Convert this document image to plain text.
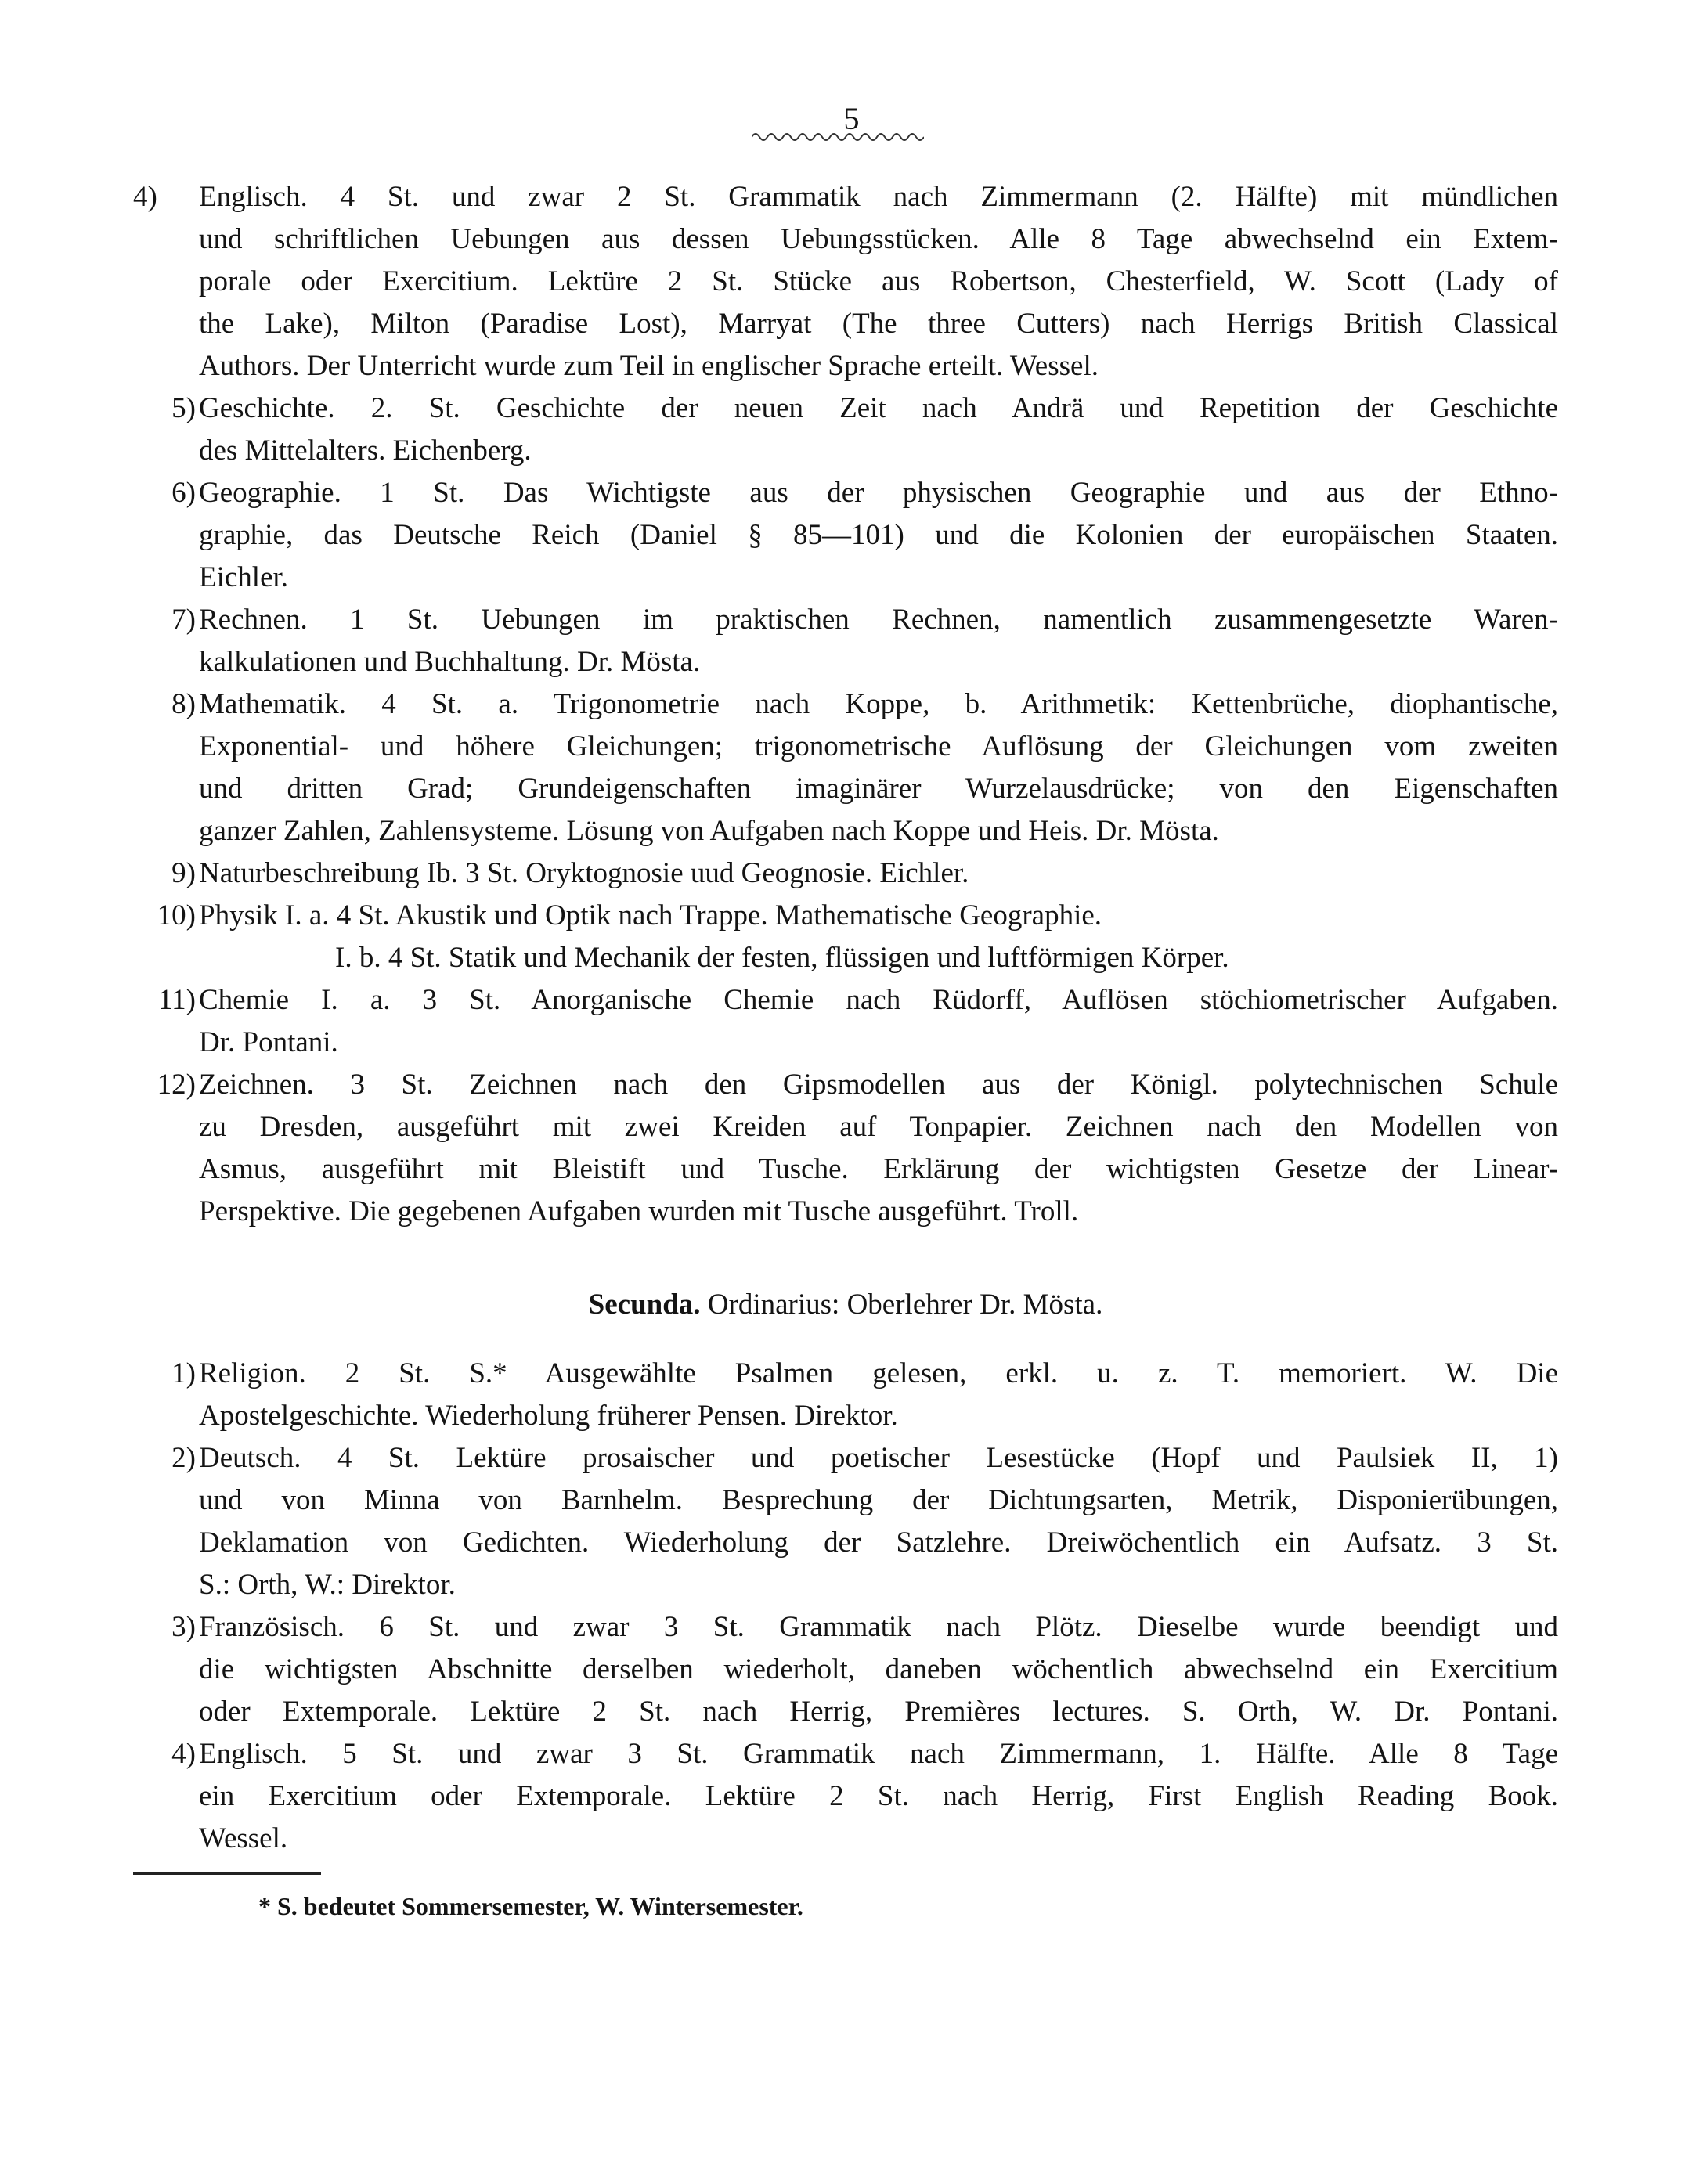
5
4)	Englisch. 4 St. und zwar 2 St. Grammatik nach Zimmermann (2. Hälfte) mit mündlichen
und schriftlichen Uebungen aus dessen Uebungsstücken. Alle 8 Tage abwechselnd ein Extem-
porale oder Exercitium. Lektüre 2 St. Stücke aus Robertson, Chesterfield, W. Scott (Lady of
the Lake), Milton (Paradise Lost), Marryat (The three Cutters) nach Herrigs British Classical
Authors. Der Unterricht wurde zum Teil in englischer Sprache erteilt. Wessel.
5) Geschichte. 2. St. Geschichte der neuen Zeit nach Andrä und Repetition der Geschichte
des Mittelalters. Eichenberg.
6) Geographie. 1 St. Das Wichtigste aus der physischen Geographie und aus der Ethno-
graphie, das Deutsche Reich (Daniel § 85—101) und die Kolonien der europäischen Staaten.
Eichler.
7) Rechnen. 1 St. Uebungen im praktischen Rechnen, namentlich zusammengesetzte Waren-
kalkulationen und Buchhaltung. Dr. Mösta.
8) Mathematik. 4 St. a. Trigonometrie nach Koppe, b. Arithmetik: Kettenbrüche, diophantische,
Exponential- und höhere Gleichungen; trigonometrische Auflösung der Gleichungen vom zweiten
und dritten Grad; Grundeigenschaften imaginärer Wurzelausdrücke; von den Eigenschaften
ganzer Zahlen, Zahlensysteme. Lösung von Aufgaben nach Koppe und Heis. Dr. Mösta.
9) Naturbeschreibung Ib. 3 St. Oryktognosie uud Geognosie. Eichler.
10) Physik I. a. 4 St. Akustik und Optik nach Trappe. Mathematische Geographie.
I. b. 4 St. Statik und Mechanik der festen, flüssigen und luftförmigen Körper.
11) Chemie I. a. 3 St. Anorganische Chemie nach Rüdorff, Auflösen stöchiometrischer Aufgaben.
Dr. Pontani.
12) Zeichnen. 3 St. Zeichnen nach den Gipsmodellen aus der Königl. polytechnischen Schule
zu Dresden, ausgeführt mit zwei Kreiden auf Tonpapier. Zeichnen nach den Modellen von
Asmus, ausgeführt mit Bleistift und Tusche. Erklärung der wichtigsten Gesetze der Linear-
Perspektive. Die gegebenen Aufgaben wurden mit Tusche ausgeführt. Troll.
Secunda. Ordinarius: Oberlehrer Dr. Mösta.
1) Religion. 2 St. S.* Ausgewählte Psalmen gelesen, erkl. u. z. T. memoriert. W. Die
Apostelgeschichte. Wiederholung früherer Pensen. Direktor.
2) Deutsch. 4 St. Lektüre prosaischer und poetischer Lesestücke (Hopf und Paulsiek II, 1)
und von Minna von Barnhelm. Besprechung der Dichtungsarten, Metrik, Disponierübungen,
Deklamation von Gedichten. Wiederholung der Satzlehre. Dreiwöchentlich ein Aufsatz. 3 St.
S.: Orth, W.: Direktor.
3) Französisch. 6 St. und zwar 3 St. Grammatik nach Plötz. Dieselbe wurde beendigt und
die wichtigsten Abschnitte derselben wiederholt, daneben wöchentlich abwechselnd ein Exercitium
oder Extemporale. Lektüre 2 St. nach Herrig, Premières lectures. S. Orth, W. Dr. Pontani.
4) Englisch. 5 St. und zwar 3 St. Grammatik nach Zimmermann, 1. Hälfte. Alle 8 Tage
ein Exercitium oder Extemporale. Lektüre 2 St. nach Herrig, First English Reading Book.
Wessel.
* S. bedeutet Sommersemester, W. Wintersemester.
